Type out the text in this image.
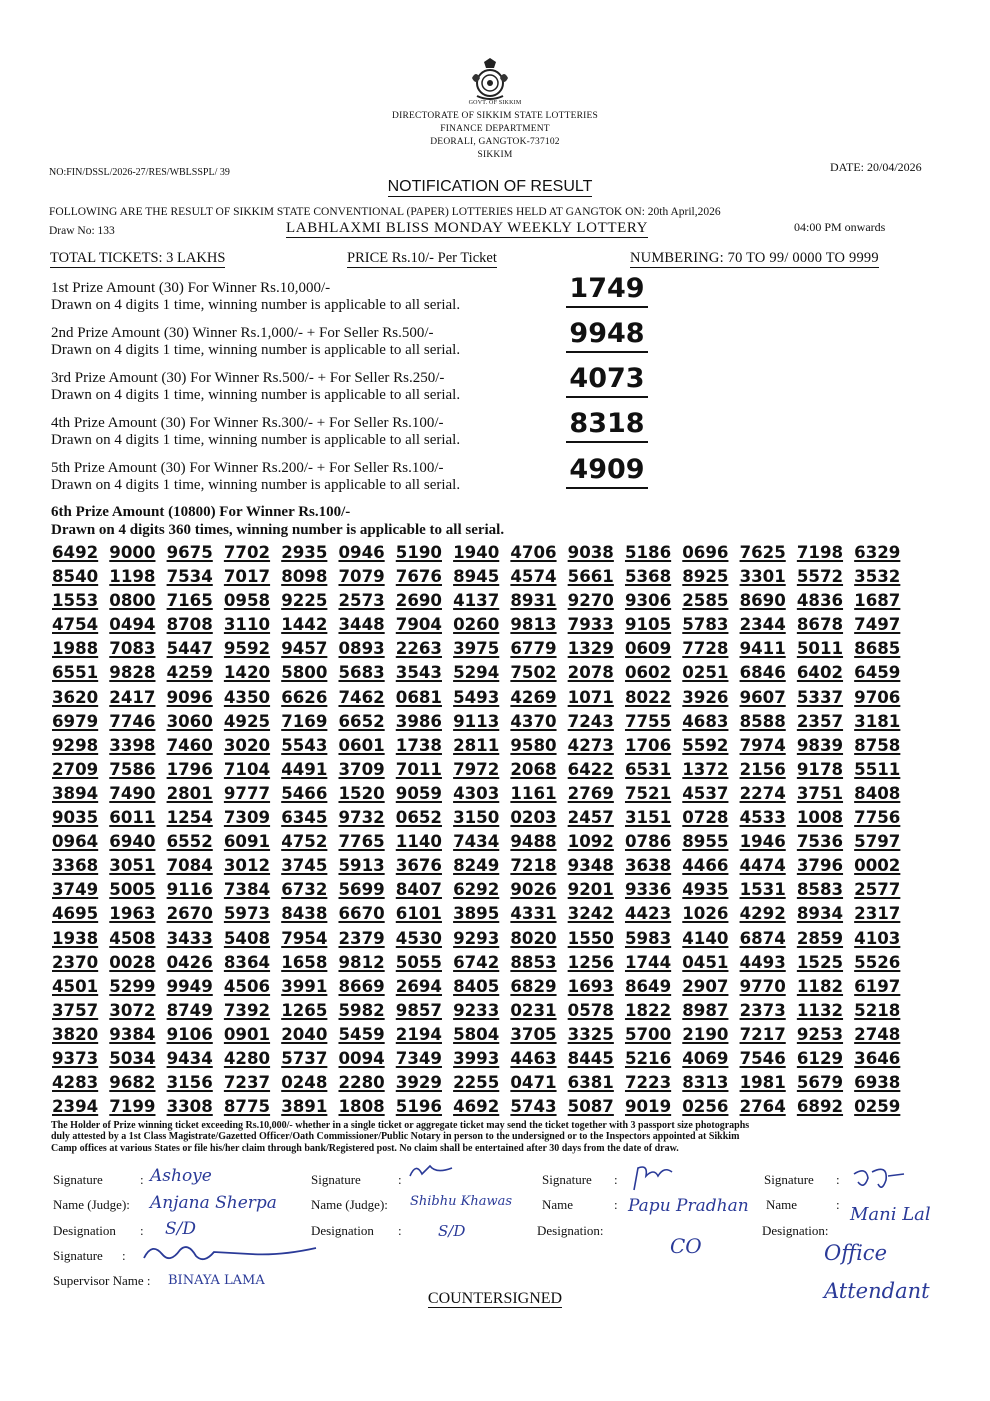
GOVT. OF SIKKIM
DIRECTORATE OF SIKKIM STATE LOTTERIES
FINANCE DEPARTMENT
DEORALI, GANGTOK-737102
SIKKIM
NO:FIN/DSSL/2026-27/RES/WBLSSPL/ 39	DATE: 20/04/2026
NOTIFICATION OF RESULT
FOLLOWING ARE THE RESULT OF SIKKIM STATE CONVENTIONAL (PAPER) LOTTERIES HELD AT GANGTOK ON: 20th April,2026
Draw No: 133	LABHLAXMI BLISS MONDAY WEEKLY LOTTERY	04:00 PM onwards
TOTAL TICKETS: 3 LAKHS	PRICE Rs.10/- Per Ticket	NUMBERING: 70 TO 99/ 0000 TO 9999
1st Prize Amount (30) For Winner Rs.10,000/-
Drawn on 4 digits 1 time, winning number is applicable to all serial.
1749
2nd Prize Amount (30) Winner Rs.1,000/- + For Seller Rs.500/-
Drawn on 4 digits 1 time, winning number is applicable to all serial.
9948
3rd Prize Amount (30) For Winner Rs.500/- + For Seller Rs.250/-
Drawn on 4 digits 1 time, winning number is applicable to all serial.
4073
4th Prize Amount (30) For Winner Rs.300/- + For Seller Rs.100/-
Drawn on 4 digits 1 time, winning number is applicable to all serial.
8318
5th Prize Amount (30) For Winner Rs.200/- + For Seller Rs.100/-
Drawn on 4 digits 1 time, winning number is applicable to all serial.	4909
6th Prize Amount (10800) For Winner Rs.100/-
Drawn on 4 digits 360 times, winning number is applicable to all serial.
6492 9000 9675 7702 2935 0946 5190 1940 4706 9038 5186 0696 7625 7198 6329
8540 1198 7534 7017 8098 7079 7676 8945 4574 5661 5368 8925 3301 5572 3532
1553 0800 7165 0958 9225 2573 2690 4137 8931 9270 9306 2585 8690 4836 1687
4754 0494 8708 3110 1442 3448 7904 0260 9813 7933 9105 5783 2344 8678 7497
1988 7083 5447 9592 9457 0893 2263 3975 6779 1329 0609 7728 9411 5011 8685
6551 9828 4259 1420 5800 5683 3543 5294 7502 2078 0602 0251 6846 6402 6459
3620 2417 9096 4350 6626 7462 0681 5493 4269 1071 8022 3926 9607 5337 9706
6979 7746 3060 4925 7169 6652 3986 9113 4370 7243 7755 4683 8588 2357 3181
9298 3398 7460 3020 5543 0601 1738 2811 9580 4273 1706 5592 7974 9839 8758
2709 7586 1796 7104 4491 3709 7011 7972 2068 6422 6531 1372 2156 9178 5511
3894 7490 2801 9777 5466 1520 9059 4303 1161 2769 7521 4537 2274 3751 8408
9035 6011 1254 7309 6345 9732 0652 3150 0203 2457 3151 0728 4533 1008 7756
0964 6940 6552 6091 4752 7765 1140 7434 9488 1092 0786 8955 1946 7536 5797
3368 3051 7084 3012 3745 5913 3676 8249 7218 9348 3638 4466 4474 3796 0002
3749 5005 9116 7384 6732 5699 8407 6292 9026 9201 9336 4935 1531 8583 2577
4695 1963 2670 5973 8438 6670 6101 3895 4331 3242 4423 1026 4292 8934 2317
1938 4508 3433 5408 7954 2379 4530 9293 8020 1550 5983 4140 6874 2859 4103
2370 0028 0426 8364 1658 9812 5055 6742 8853 1256 1744 0451 4493 1525 5526
4501 5299 9949 4506 3991 8669 2694 8405 6829 1693 8649 2907 9770 1182 6197
3757 3072 8749 7392 1265 5982 9857 9233 0231 0578 1822 8987 2373 1132 5218
3820 9384 9106 0901 2040 5459 2194 5804 3705 3325 5700 2190 7217 9253 2748
9373 5034 9434 4280 5737 0094 7349 3993 4463 8445 5216 4069 7546 6129 3646
4283 9682 3156 7237 0248 2280 3929 2255 0471 6381 7223 8313 1981 5679 6938
2394 7199 3308 8775 3891 1808 5196 4692 5743 5087 9019 0256 2764 6892 0259
The Holder of Prize winning ticket exceeding Rs.10,000/- whether in a single ticket or aggregate ticket may send the ticket together with 3 passport size photographs
duly attested by a 1st Class Magistrate/Gazetted Officer/Oath Commissioner/Public Notary in person to the undersigned or to the Inspectors appointed at Sikkim
Camp offices at various States or file his/her claim through bank/Registered post. No claim shall be entertained after 30 days from the date of draw.
Signature	: Ashoye
Name (Judge): Anjana Sherpa
Designation : S/D
Signature :
Supervisor Name : BINAYA LAMA
Signature	:
Name (Judge): Shibhu Khawas
Designation : S/D
Signature :
Name	: Papu Pradhan
Designation:
CO
Signature :
Name	: Mani Lal
Designation:
Office Attendant
COUNTERSIGNED
